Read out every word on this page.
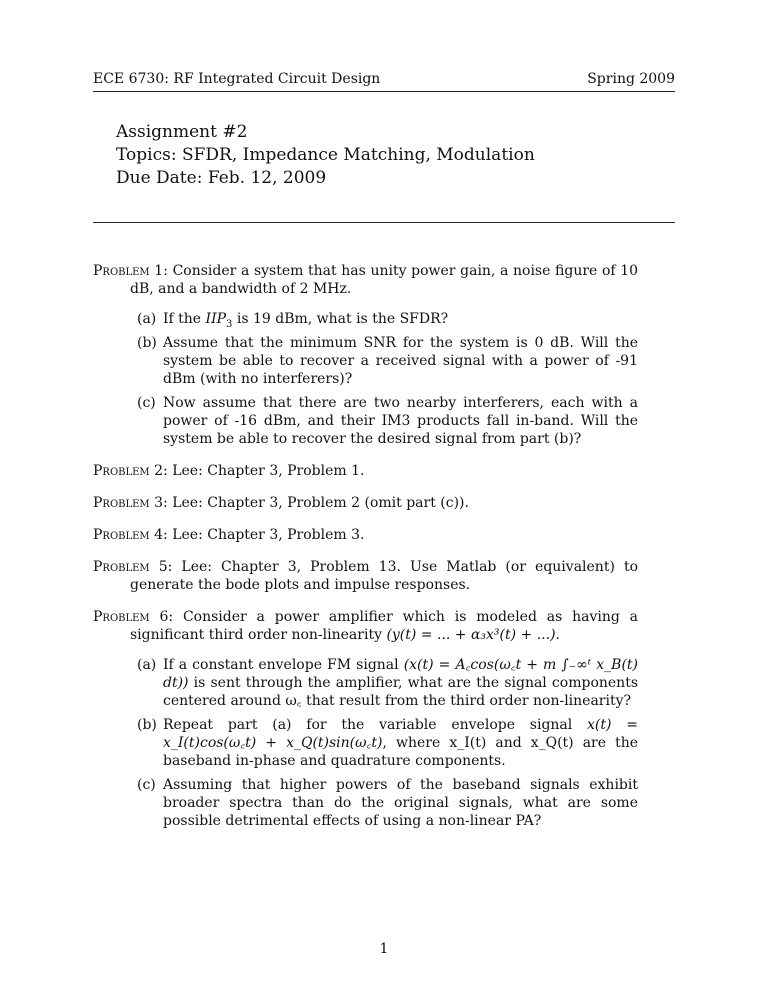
ECE 6730: RF Integrated Circuit Design	Spring 2009
Assignment #2
Topics: SFDR, Impedance Matching, Modulation
Due Date: Feb. 12, 2009
Problem 1: Consider a system that has unity power gain, a noise figure of 10 dB, and a bandwidth of 2 MHz.
(a) If the $IIP_3$ is 19 dBm, what is the SFDR?
(b) Assume that the minimum SNR for the system is 0 dB. Will the system be able to recover a received signal with a power of -91 dBm (with no interferers)?
(c) Now assume that there are two nearby interferers, each with a power of -16 dBm, and their IM3 products fall in-band. Will the system be able to recover the desired signal from part (b)?
Problem 2: Lee: Chapter 3, Problem 1.
Problem 3: Lee: Chapter 3, Problem 2 (omit part (c)).
Problem 4: Lee: Chapter 3, Problem 3.
Problem 5: Lee: Chapter 3, Problem 13. Use Matlab (or equivalent) to generate the bode plots and impulse responses.
Problem 6: Consider a power amplifier which is modeled as having a significant third order non-linearity (y(t) = ... + α₃x³(t) + ...).
(a) If a constant envelope FM signal (x(t) = A꜀cos(ω꜀t + m ∫₋∞ᵗ x_B(t) dt)) is sent through the amplifier, what are the signal components centered around ω꜀ that result from the third order non-linearity?
(b) Repeat part (a) for the variable envelope signal x(t) = x_I(t)cos(ω꜀t) + x_Q(t)sin(ω꜀t), where x_I(t) and x_Q(t) are the baseband in-phase and quadrature components.
(c) Assuming that higher powers of the baseband signals exhibit broader spectra than do the original signals, what are some possible detrimental effects of using a non-linear PA?
1
